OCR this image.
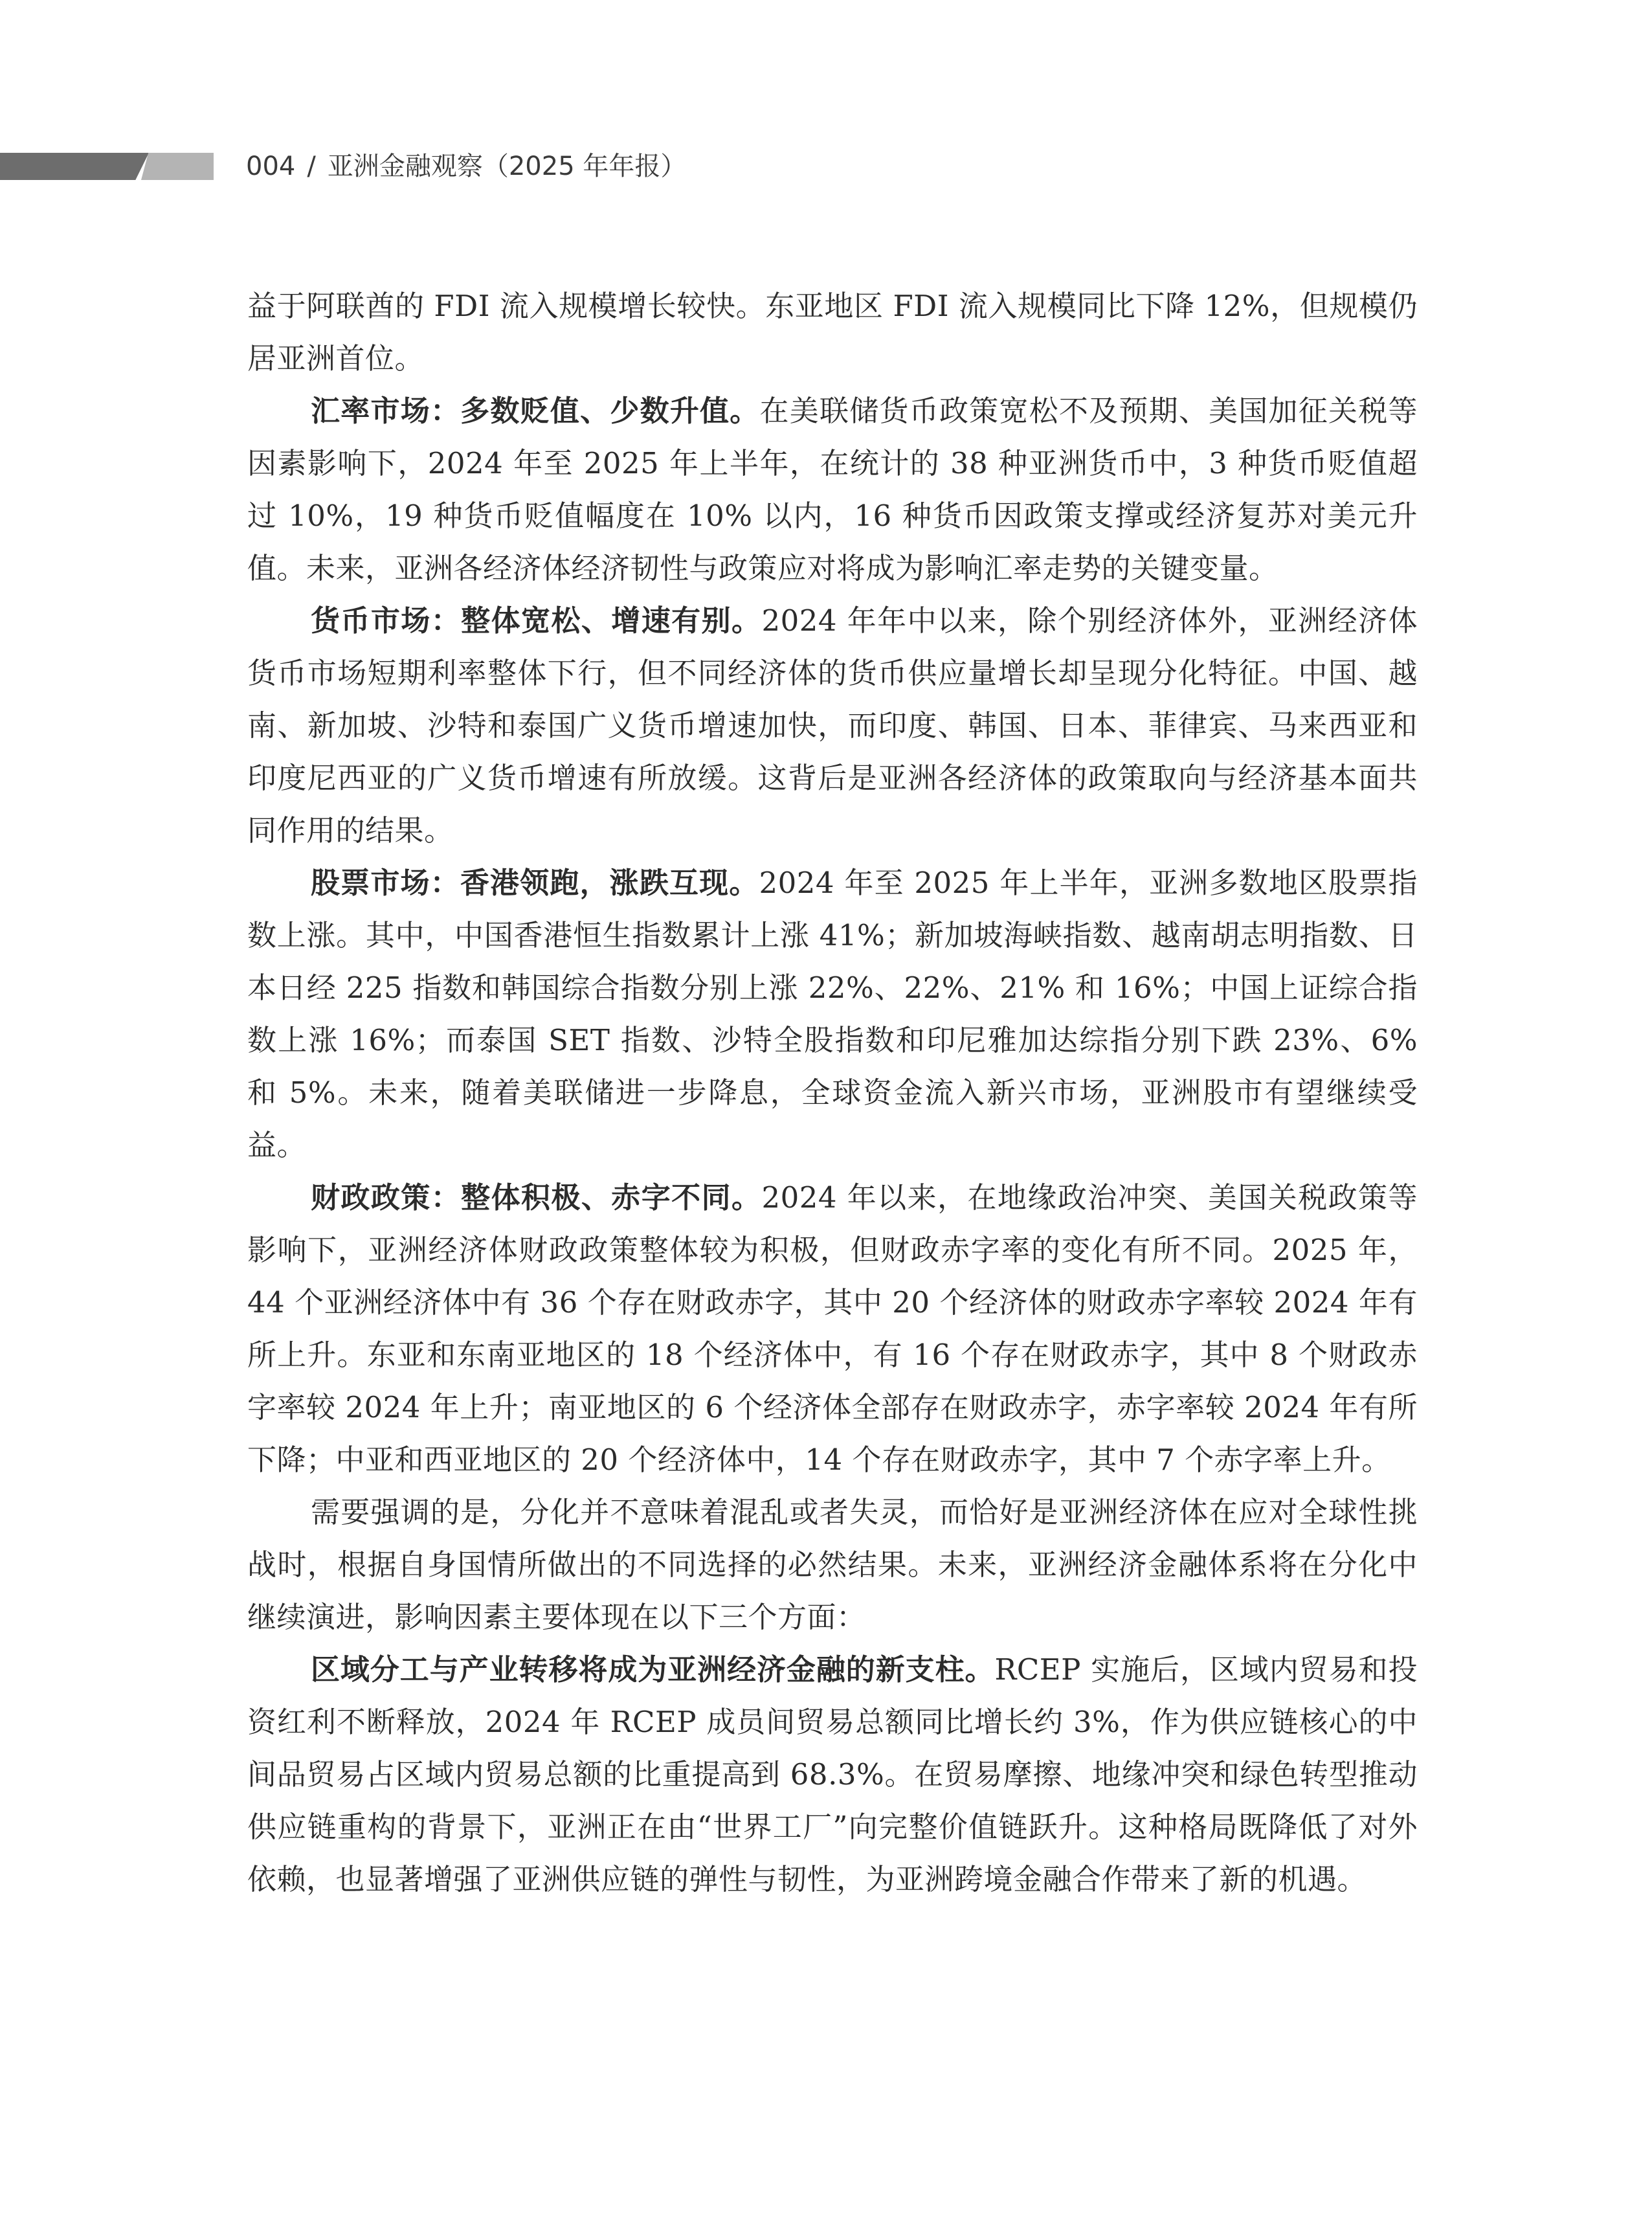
004 / 亚洲金融观察（2025 年年报）

益于阿联酋的 FDI 流入规模增长较快。东亚地区 FDI 流入规模同比下降 12%，但规模仍居亚洲首位。

汇率市场：多数贬值、少数升值。在美联储货币政策宽松不及预期、美国加征关税等因素影响下，2024 年至 2025 年上半年，在统计的 38 种亚洲货币中，3 种货币贬值超过 10%，19 种货币贬值幅度在 10% 以内，16 种货币因政策支撑或经济复苏对美元升值。未来，亚洲各经济体经济韧性与政策应对将成为影响汇率走势的关键变量。

货币市场：整体宽松、增速有别。2024 年年中以来，除个别经济体外，亚洲经济体货币市场短期利率整体下行，但不同经济体的货币供应量增长却呈现分化特征。中国、越南、新加坡、沙特和泰国广义货币增速加快，而印度、韩国、日本、菲律宾、马来西亚和印度尼西亚的广义货币增速有所放缓。这背后是亚洲各经济体的政策取向与经济基本面共同作用的结果。

股票市场：香港领跑，涨跌互现。2024 年至 2025 年上半年，亚洲多数地区股票指数上涨。其中，中国香港恒生指数累计上涨 41%；新加坡海峡指数、越南胡志明指数、日本日经 225 指数和韩国综合指数分别上涨 22%、22%、21% 和 16%；中国上证综合指数上涨 16%；而泰国 SET 指数、沙特全股指数和印尼雅加达综指分别下跌 23%、6% 和 5%。未来，随着美联储进一步降息，全球资金流入新兴市场，亚洲股市有望继续受益。

财政政策：整体积极、赤字不同。2024 年以来，在地缘政治冲突、美国关税政策等影响下，亚洲经济体财政政策整体较为积极，但财政赤字率的变化有所不同。2025 年，44 个亚洲经济体中有 36 个存在财政赤字，其中 20 个经济体的财政赤字率较 2024 年有所上升。东亚和东南亚地区的 18 个经济体中，有 16 个存在财政赤字，其中 8 个财政赤字率较 2024 年上升；南亚地区的 6 个经济体全部存在财政赤字，赤字率较 2024 年有所下降；中亚和西亚地区的 20 个经济体中，14 个存在财政赤字，其中 7 个赤字率上升。

需要强调的是，分化并不意味着混乱或者失灵，而恰好是亚洲经济体在应对全球性挑战时，根据自身国情所做出的不同选择的必然结果。未来，亚洲经济金融体系将在分化中继续演进，影响因素主要体现在以下三个方面：

区域分工与产业转移将成为亚洲经济金融的新支柱。RCEP 实施后，区域内贸易和投资红利不断释放，2024 年 RCEP 成员间贸易总额同比增长约 3%，作为供应链核心的中间品贸易占区域内贸易总额的比重提高到 68.3%。在贸易摩擦、地缘冲突和绿色转型推动供应链重构的背景下，亚洲正在由“世界工厂”向完整价值链跃升。这种格局既降低了对外依赖，也显著增强了亚洲供应链的弹性与韧性，为亚洲跨境金融合作带来了新的机遇。
